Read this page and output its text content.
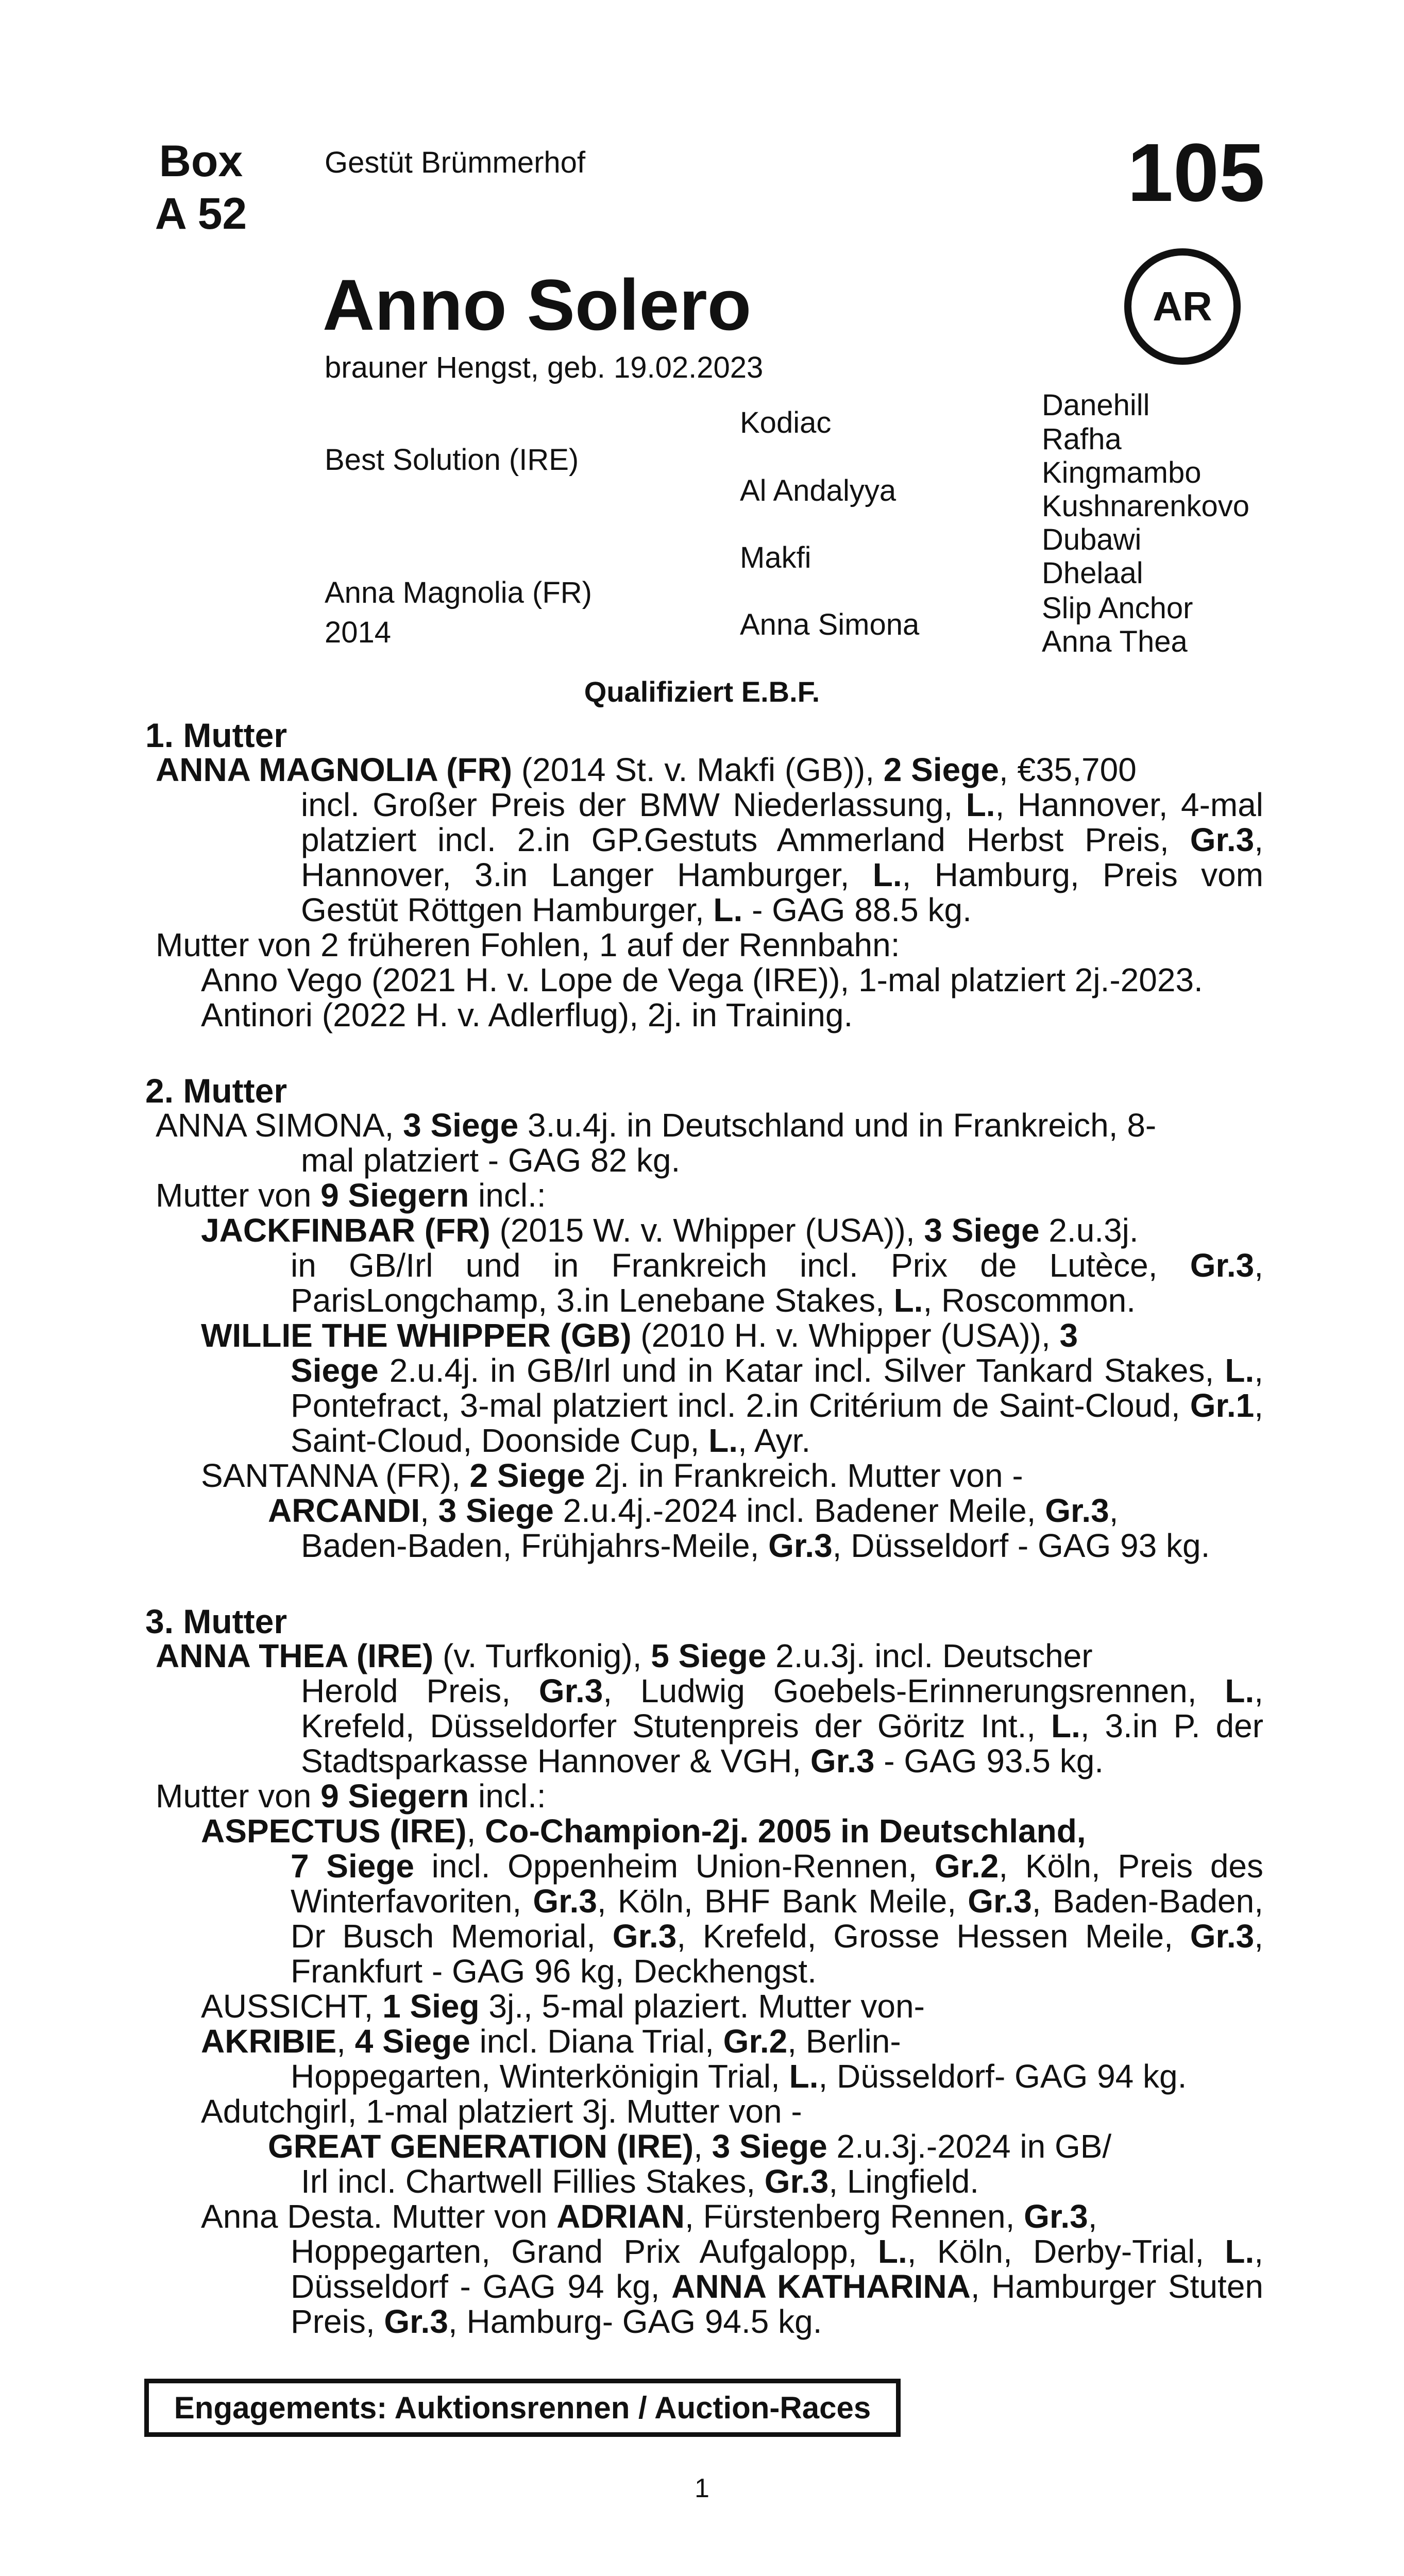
Box
A 52
Gestüt Brümmerhof	105
AR
Anno Solero
brauner Hengst, geb. 19.02.2023
Best Solution (IRE)
Anna Magnolia (FR)
2014
Kodiac
Al Andalyya
Makfi
Anna Simona
Danehill
Rafha
Kingmambo
Kushnarenkovo
Dubawi
Dhelaal
Slip Anchor
Anna Thea
Qualifiziert E.B.F.
1. Mutter

ANNA MAGNOLIA (FR) (2014 St. v. Makfi (GB)), 2 Siege, €35,700

incl. Großer Preis der BMW Niederlassung, L., Hannover, 4-mal platziert incl. 2.in GP.Gestuts Ammerland Herbst Preis, Gr.3, Hannover, 3.in Langer Hamburger, L., Hamburg, Preis vom Gestüt Röttgen Hamburger, L. - GAG 88.5 kg.

Mutter von 2 früheren Fohlen, 1 auf der Rennbahn:

Anno Vego (2021 H. v. Lope de Vega (IRE)), 1-mal platziert 2j.-2023.

Antinori (2022 H. v. Adlerflug), 2j. in Training.

2. Mutter

ANNA SIMONA, 3 Siege 3.u.4j. in Deutschland und in Frankreich, 8-

mal platziert - GAG 82 kg.

Mutter von 9 Siegern incl.:

JACKFINBAR (FR) (2015 W. v. Whipper (USA)), 3 Siege 2.u.3j.

in GB/Irl und in Frankreich incl. Prix de Lutèce, Gr.3, ParisLongchamp, 3.in Lenebane Stakes, L., Roscommon.

WILLIE THE WHIPPER (GB) (2010 H. v. Whipper (USA)), 3

Siege 2.u.4j. in GB/Irl und in Katar incl. Silver Tankard Stakes, L., Pontefract, 3-mal platziert incl. 2.in Critérium de Saint-Cloud, Gr.1, Saint-Cloud, Doonside Cup, L., Ayr.

SANTANNA (FR), 2 Siege 2j. in Frankreich. Mutter von -

ARCANDI, 3 Siege 2.u.4j.-2024 incl. Badener Meile, Gr.3,

Baden-Baden, Frühjahrs-Meile, Gr.3, Düsseldorf - GAG 93 kg.

3. Mutter

ANNA THEA (IRE) (v. Turfkonig), 5 Siege 2.u.3j. incl. Deutscher

Herold Preis, Gr.3, Ludwig Goebels-Erinnerungsrennen, L., Krefeld, Düsseldorfer Stutenpreis der Göritz Int., L., 3.in P. der Stadtsparkasse Hannover & VGH, Gr.3 - GAG 93.5 kg.

Mutter von 9 Siegern incl.:

ASPECTUS (IRE), Co-Champion-2j. 2005 in Deutschland,

7 Siege incl. Oppenheim Union-Rennen, Gr.2, Köln, Preis des Winterfavoriten, Gr.3, Köln, BHF Bank Meile, Gr.3, Baden-Baden, Dr Busch Memorial, Gr.3, Krefeld, Grosse Hessen Meile, Gr.3, Frankfurt - GAG 96 kg, Deckhengst.

AUSSICHT, 1 Sieg 3j., 5-mal plaziert. Mutter von-

AKRIBIE, 4 Siege incl. Diana Trial, Gr.2, Berlin-

Hoppegarten, Winterkönigin Trial, L., Düsseldorf- GAG 94 kg.

Adutchgirl, 1-mal platziert 3j. Mutter von -

GREAT GENERATION (IRE), 3 Siege 2.u.3j.-2024 in GB/

Irl incl. Chartwell Fillies Stakes, Gr.3, Lingfield.

Anna Desta. Mutter von ADRIAN, Fürstenberg Rennen, Gr.3,

Hoppegarten, Grand Prix Aufgalopp, L., Köln, Derby-Trial, L., Düsseldorf - GAG 94 kg, ANNA KATHARINA, Hamburger Stuten Preis, Gr.3, Hamburg- GAG 94.5 kg.

Engagements: Auktionsrennen / Auction-Races
1
